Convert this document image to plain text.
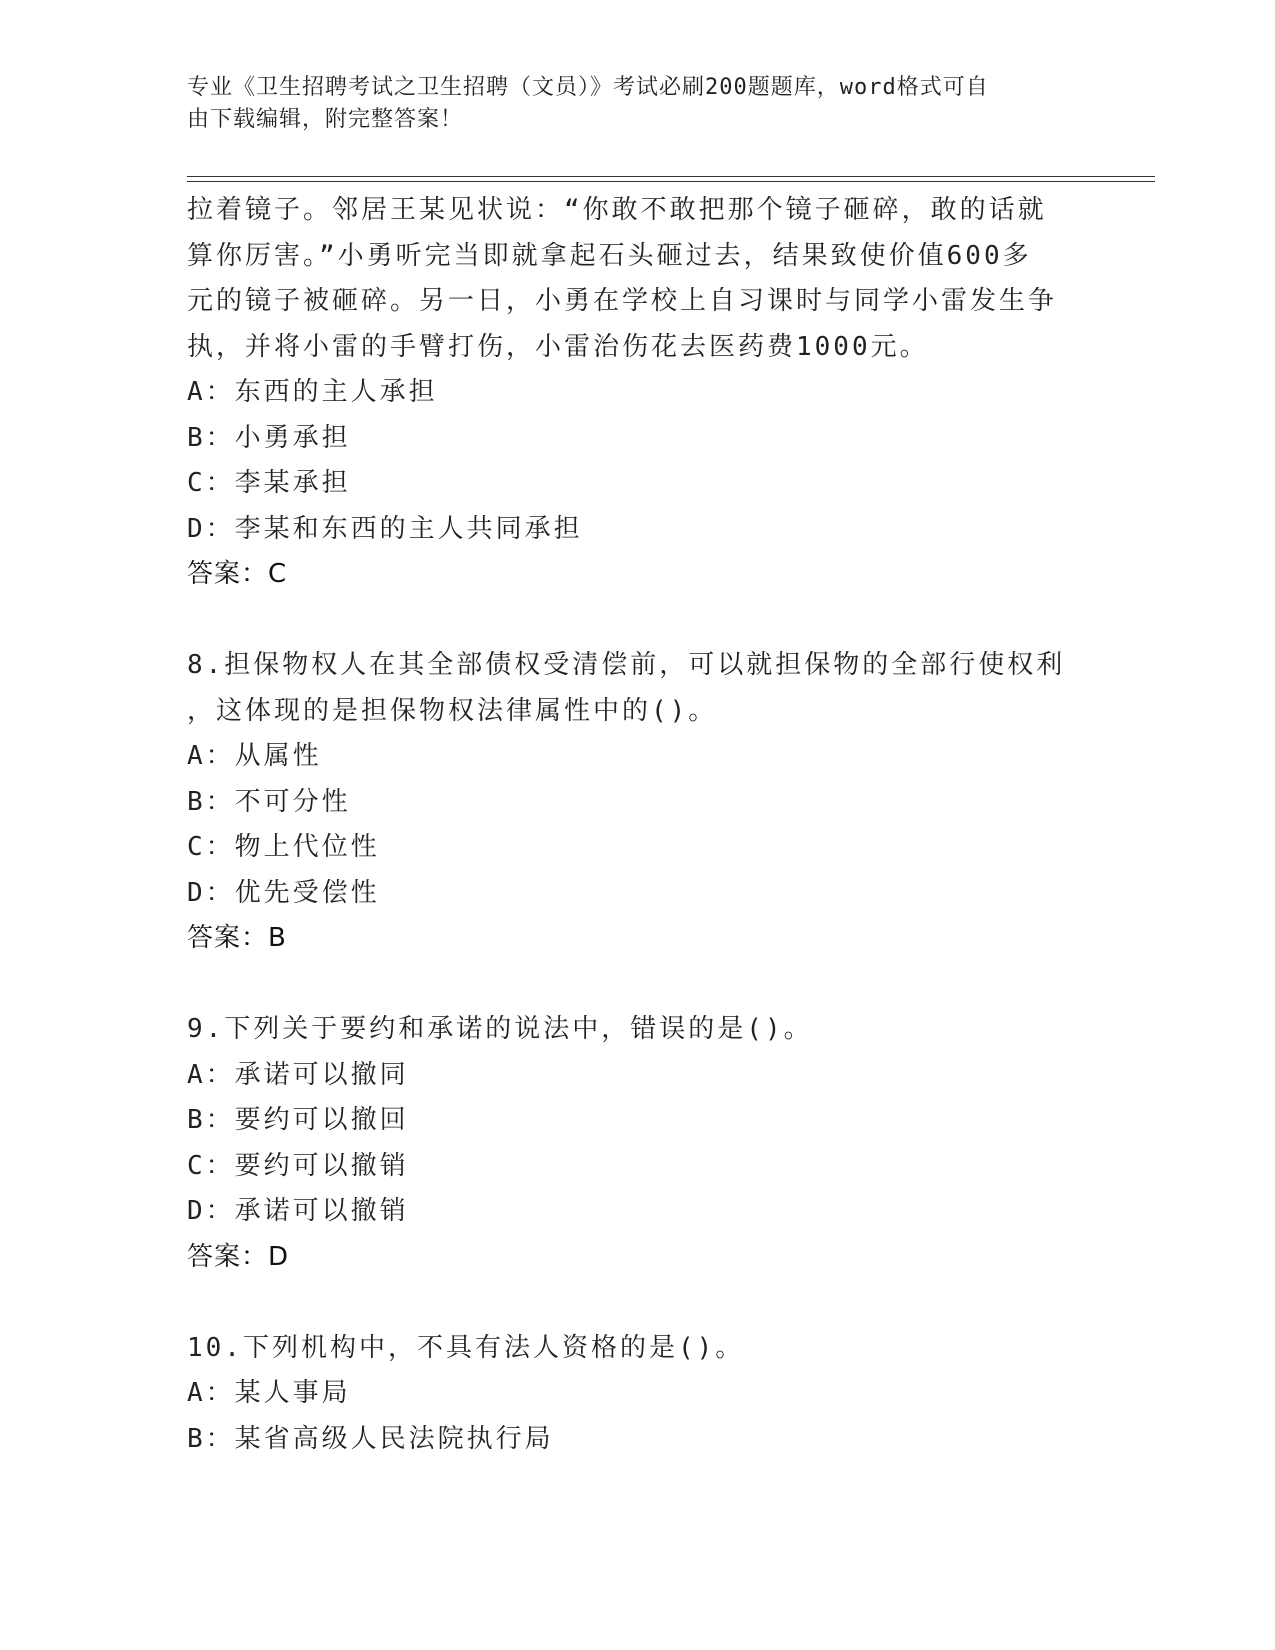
专业《卫生招聘考试之卫生招聘（文员）》考试必刷200题题库，word格式可自
由下载编辑，附完整答案！
拉着镜子。邻居王某见状说：“你敢不敢把那个镜子砸碎，敢的话就
算你厉害。”小勇听完当即就拿起石头砸过去，结果致使价值600多
元的镜子被砸碎。另一日，小勇在学校上自习课时与同学小雷发生争
执，并将小雷的手臂打伤，小雷治伤花去医药费1000元。
A：东西的主人承担
B：小勇承担
C：李某承担
D：李某和东西的主人共同承担
答案：C
8.担保物权人在其全部债权受清偿前，可以就担保物的全部行使权利
，这体现的是担保物权法律属性中的()。
A：从属性
B：不可分性
C：物上代位性
D：优先受偿性
答案：B
9.下列关于要约和承诺的说法中，错误的是()。
A：承诺可以撤同
B：要约可以撤回
C：要约可以撤销
D：承诺可以撤销
答案：D
10.下列机构中，不具有法人资格的是()。
A：某人事局
B：某省高级人民法院执行局
